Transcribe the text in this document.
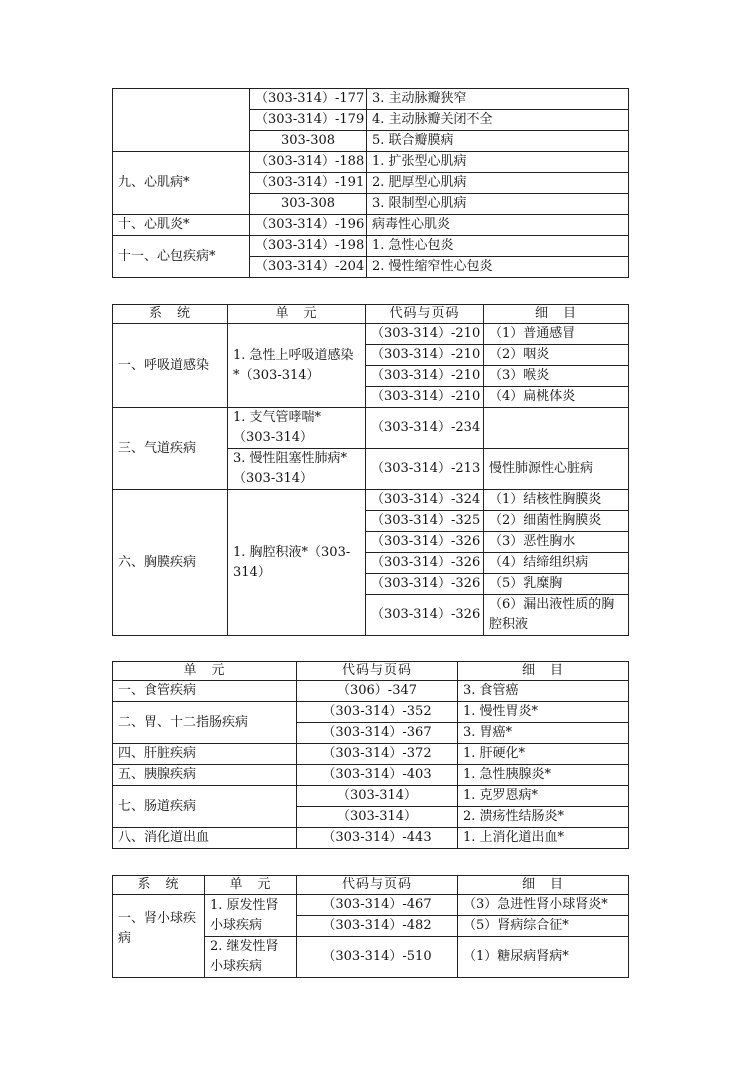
	（303-314）-177	3. 主动脉瓣狭窄
	（303-314）-179	4. 主动脉瓣关闭不全
	303-308	5. 联合瓣膜病
九、心肌病*	（303-314）-188	1. 扩张型心肌病
	（303-314）-191	2. 肥厚型心肌病
	303-308	3. 限制型心肌病
十、心肌炎*	（303-314）-196	病毒性心肌炎
十一、心包疾病*	（303-314）-198	1. 急性心包炎
	（303-314）-204	2. 慢性缩窄性心包炎
系　统	单　元	代码与页码	细　目
一、呼吸道感染	1. 急性上呼吸道感染*（303-314）	（303-314）-210	（1）普通感冒
		（303-314）-210	（2）咽炎
		（303-314）-210	（3）喉炎
		（303-314）-210	（4）扁桃体炎
三、气道疾病	1. 支气管哮喘*（303-314）	（303-314）-234	
	3. 慢性阻塞性肺病*（303-314）	（303-314）-213	慢性肺源性心脏病
六、胸膜疾病	1. 胸腔积液*（303-314）	（303-314）-324	（1）结核性胸膜炎
		（303-314）-325	（2）细菌性胸膜炎
		（303-314）-326	（3）恶性胸水
		（303-314）-326	（4）结缔组织病
		（303-314）-326	（5）乳糜胸
		（303-314）-326	（6）漏出液性质的胸腔积液
单　元	代码与页码	细　目
一、食管疾病	（306）-347	3. 食管癌
二、胃、十二指肠疾病	（303-314）-352	1. 慢性胃炎*
	（303-314）-367	3. 胃癌*
四、肝脏疾病	（303-314）-372	1. 肝硬化*
五、胰腺疾病	（303-314）-403	1. 急性胰腺炎*
七、肠道疾病	（303-314）	1. 克罗恩病*
	（303-314）	2. 溃疡性结肠炎*
八、消化道出血	（303-314）-443	1. 上消化道出血*
系　统	单　元	代码与页码	细　目
一、肾小球疾病	1. 原发性肾小球疾病	（303-314）-467	（3）急进性肾小球肾炎*
		（303-314）-482	（5）肾病综合征*
	2. 继发性肾小球疾病	（303-314）-510	（1）糖尿病肾病*
